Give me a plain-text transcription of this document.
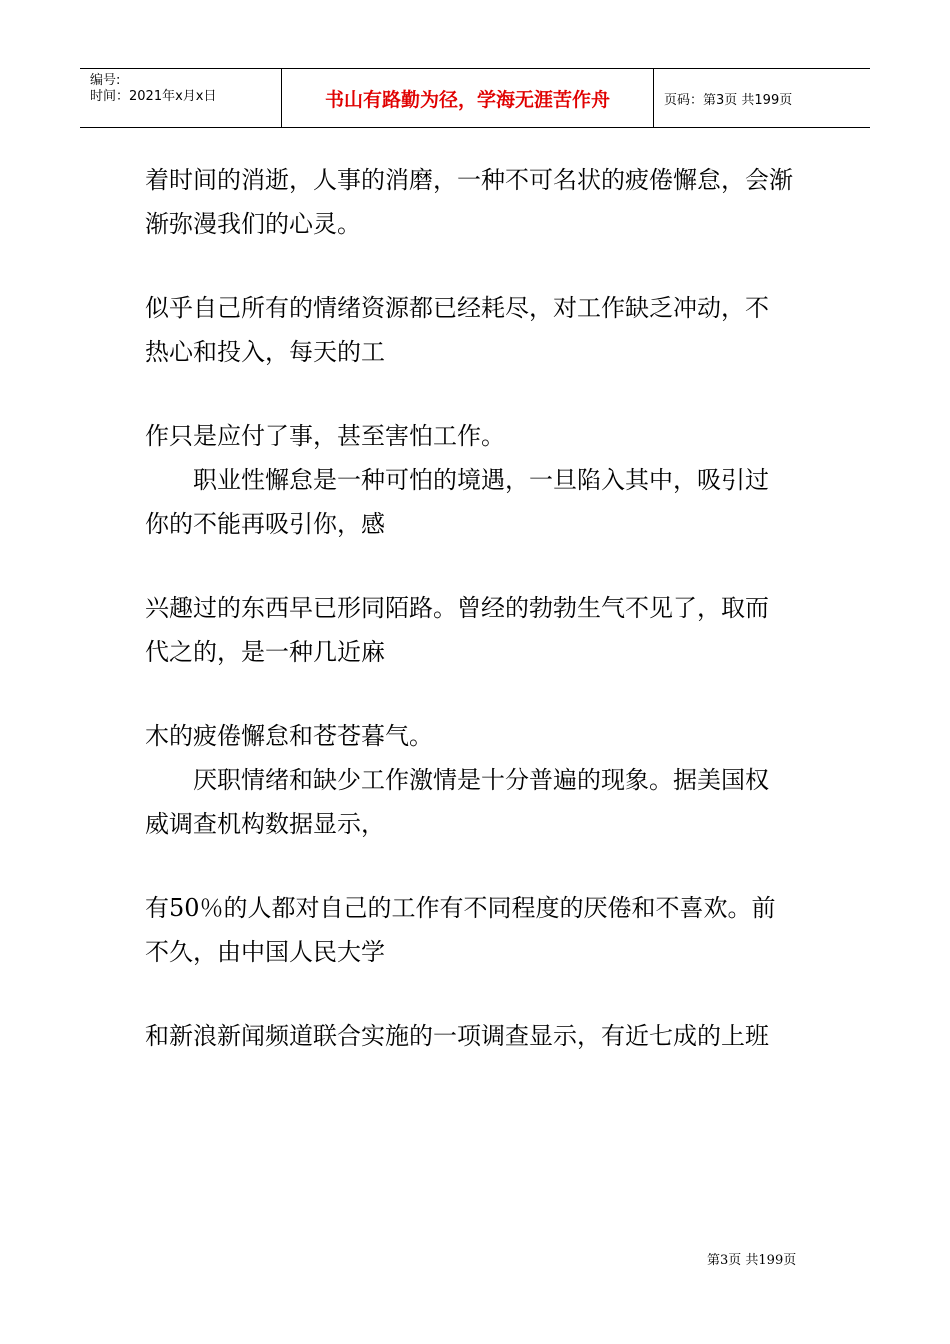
编号:
时间：2021年x月x日	书山有路勤为径，学海无涯苦作舟	页码：第3页 共199页

着时间的消逝，人事的消磨，一种不可名状的疲倦懈怠，会渐

渐弥漫我们的心灵。

似乎自己所有的情绪资源都已经耗尽，对工作缺乏冲动，不

热心和投入，每天的工

作只是应付了事，甚至害怕工作。

职业性懈怠是一种可怕的境遇，一旦陷入其中，吸引过

你的不能再吸引你，感

兴趣过的东西早已形同陌路。曾经的勃勃生气不见了，取而

代之的，是一种几近麻

木的疲倦懈怠和苍苍暮气。

厌职情绪和缺少工作激情是十分普遍的现象。据美国权

威调查机构数据显示，

有50％的人都对自己的工作有不同程度的厌倦和不喜欢。前

不久，由中国人民大学

和新浪新闻频道联合实施的一项调查显示，有近七成的上班

第3页 共199页
